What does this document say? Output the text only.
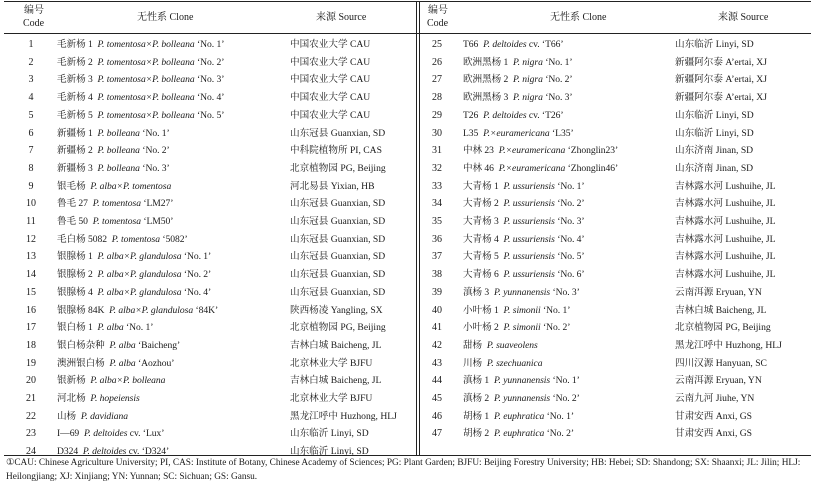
编号
Code
无性系 Clone	来源 Source
编号
Code
无性系 Clone	来源 Source
1	毛新杨 1  P. tomentosa×P. bolleana ‘No. 1’	中国农业大学 CAU
2	毛新杨 2  P. tomentosa×P. bolleana ‘No. 2’	中国农业大学 CAU
3	毛新杨 3  P. tomentosa×P. bolleana ‘No. 3’	中国农业大学 CAU
4	毛新杨 4  P. tomentosa×P. bolleana ‘No. 4’	中国农业大学 CAU
5	毛新杨 5  P. tomentosa×P. bolleana ‘No. 5’	中国农业大学 CAU
6	新疆杨 1  P. bolleana ‘No. 1’	山东冠县 Guanxian, SD
7	新疆杨 2  P. bolleana ‘No. 2’	中科院植物所 PI, CAS
8	新疆杨 3  P. bolleana ‘No. 3’	北京植物园 PG, Beijing
9	银毛杨  P. alba×P. tomentosa	河北易县 Yixian, HB
10	鲁毛 27  P. tomentosa ‘LM27’	山东冠县 Guanxian, SD
11	鲁毛 50  P. tomentosa ‘LM50’	山东冠县 Guanxian, SD
12	毛白杨 5082  P. tomentosa ‘5082’	山东冠县 Guanxian, SD
13	银腺杨 1  P. alba×P. glandulosa ‘No. 1’	山东冠县 Guanxian, SD
14	银腺杨 2  P. alba×P. glandulosa ‘No. 2’	山东冠县 Guanxian, SD
15	银腺杨 4  P. alba×P. glandulosa ‘No. 4’	山东冠县 Guanxian, SD
16	银腺杨 84K  P. alba×P. glandulosa ‘84K’	陕西杨凌 Yangling, SX
17	银白杨 1  P. alba ‘No. 1’	北京植物园 PG, Beijing
18	银白杨杂种  P. alba ‘Baicheng’	吉林白城 Baicheng, JL
19	澳洲银白杨  P. alba ‘Aozhou’	北京林业大学 BJFU
20	银新杨  P. alba×P. bolleana	吉林白城 Baicheng, JL
21	河北杨  P. hopeiensis	北京林业大学 BJFU
22	山杨  P. davidiana	黑龙江呼中 Huzhong, HLJ
23	I—69  P. deltoides cv. ‘Lux’	山东临沂 Linyi, SD
24	D324  P. deltoides cv. ‘D324’	山东临沂 Linyi, SD
25	T66  P. deltoides cv. ‘T66’	山东临沂 Linyi, SD
26	欧洲黑杨 1  P. nigra ‘No. 1’	新疆阿尔泰 A’ertai, XJ
27	欧洲黑杨 2  P. nigra ‘No. 2’	新疆阿尔泰 A’ertai, XJ
28	欧洲黑杨 3  P. nigra ‘No. 3’	新疆阿尔泰 A’ertai, XJ
29	T26  P. deltoides cv. ‘T26’	山东临沂 Linyi, SD
30	L35  P.×euramericana ‘L35’	山东临沂 Linyi, SD
31	中林 23  P.×euramericana ‘Zhonglin23’	山东济南 Jinan, SD
32	中林 46  P.×euramericana ‘Zhonglin46’	山东济南 Jinan, SD
33	大青杨 1  P. ussuriensis ‘No. 1’	吉林露水河 Lushuihe, JL
34	大青杨 2  P. ussuriensis ‘No. 2’	吉林露水河 Lushuihe, JL
35	大青杨 3  P. ussuriensis ‘No. 3’	吉林露水河 Lushuihe, JL
36	大青杨 4  P. ussuriensis ‘No. 4’	吉林露水河 Lushuihe, JL
37	大青杨 5  P. ussuriensis ‘No. 5’	吉林露水河 Lushuihe, JL
38	大青杨 6  P. ussuriensis ‘No. 6’	吉林露水河 Lushuihe, JL
39	滇杨 3  P. yunnanensis ‘No. 3’	云南洱源 Eryuan, YN
40	小叶杨 1  P. simonii ‘No. 1’	吉林白城 Baicheng, JL
41	小叶杨 2  P. simonii ‘No. 2’	北京植物园 PG, Beijing
42	甜杨  P. suaveolens	黑龙江呼中 Huzhong, HLJ
43	川杨  P. szechuanica	四川汉源 Hanyuan, SC
44	滇杨 1  P. yunnanensis ‘No. 1’	云南洱源 Eryuan, YN
45	滇杨 2  P. yunnanensis ‘No. 2’	云南九河 Jiuhe, YN
46	胡杨 1  P. euphratica ‘No. 1’	甘肃安西 Anxi, GS
47	胡杨 2  P. euphratica ‘No. 2’	甘肃安西 Anxi, GS
①CAU: Chinese Agriculture University; PI, CAS: Institute of Botany, Chinese Academy of Sciences; PG: Plant Garden; BJFU: Beijing Forestry University; HB: Hebei; SD: Shandong; SX: Shaanxi; JL: Jilin; HLJ: Heilongjiang; XJ: Xinjiang; YN: Yunnan; SC: Sichuan; GS: Gansu.
